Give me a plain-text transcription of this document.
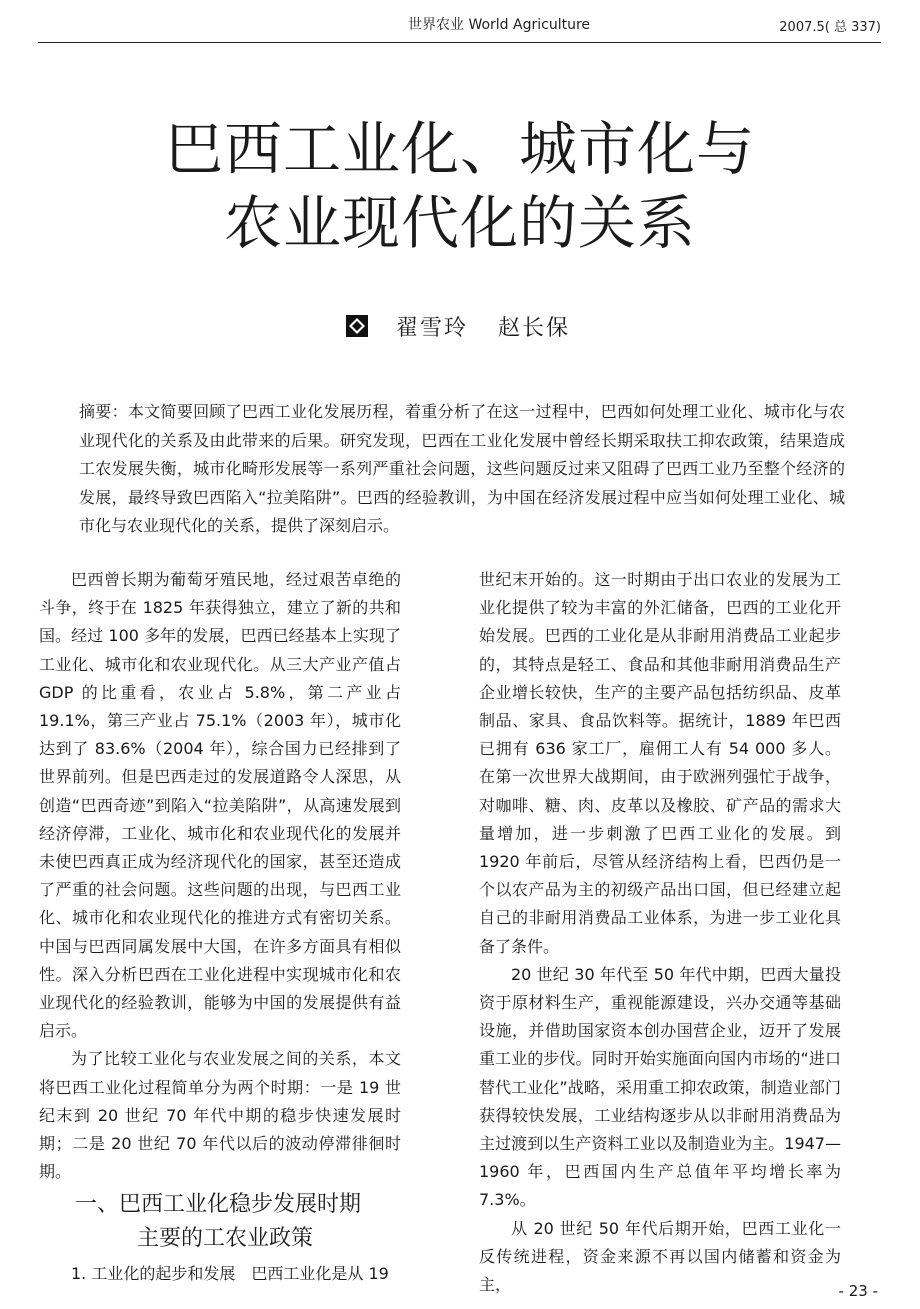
世界农业 World Agriculture	2007.5( 总 337)
巴西工业化、城市化与
农业现代化的关系
翟雪玲 赵长保
摘要：本文简要回顾了巴西工业化发展历程，着重分析了在这一过程中，巴西如何处理工业化、城市化与农业现代化的关系及由此带来的后果。研究发现，巴西在工业化发展中曾经长期采取扶工抑农政策，结果造成工农发展失衡，城市化畸形发展等一系列严重社会问题，这些问题反过来又阻碍了巴西工业乃至整个经济的发展，最终导致巴西陷入“拉美陷阱”。巴西的经验教训，为中国在经济发展过程中应当如何处理工业化、城市化与农业现代化的关系，提供了深刻启示。

巴西曾长期为葡萄牙殖民地，经过艰苦卓绝的斗争，终于在 1825 年获得独立，建立了新的共和国。经过 100 多年的发展，巴西已经基本上实现了工业化、城市化和农业现代化。从三大产业产值占 GDP 的比重看，农业占 5.8%，第二产业占 19.1%，第三产业占 75.1%（2003 年），城市化达到了 83.6%（2004 年），综合国力已经排到了世界前列。但是巴西走过的发展道路令人深思，从创造“巴西奇迹”到陷入“拉美陷阱”，从高速发展到经济停滞，工业化、城市化和农业现代化的发展并未使巴西真正成为经济现代化的国家，甚至还造成了严重的社会问题。这些问题的出现，与巴西工业化、城市化和农业现代化的推进方式有密切关系。中国与巴西同属发展中大国，在许多方面具有相似性。深入分析巴西在工业化进程中实现城市化和农业现代化的经验教训，能够为中国的发展提供有益启示。

为了比较工业化与农业发展之间的关系，本文将巴西工业化过程简单分为两个时期：一是 19 世纪末到 20 世纪 70 年代中期的稳步快速发展时期；二是 20 世纪 70 年代以后的波动停滞徘徊时期。

一、巴西工业化稳步发展时期
主要的工农业政策

1. 工业化的起步和发展　 巴西工业化是从 19

世纪末开始的。这一时期由于出口农业的发展为工业化提供了较为丰富的外汇储备，巴西的工业化开始发展。巴西的工业化是从非耐用消费品工业起步的，其特点是轻工、食品和其他非耐用消费品生产企业增长较快，生产的主要产品包括纺织品、皮革制品、家具、食品饮料等。据统计，1889 年巴西已拥有 636 家工厂，雇佣工人有 54 000 多人。在第一次世界大战期间，由于欧洲列强忙于战争，对咖啡、糖、肉、皮革以及橡胶、矿产品的需求大量增加，进一步刺激了巴西工业化的发展。到 1920 年前后，尽管从经济结构上看，巴西仍是一个以农产品为主的初级产品出口国，但已经建立起自己的非耐用消费品工业体系，为进一步工业化具备了条件。

20 世纪 30 年代至 50 年代中期，巴西大量投资于原材料生产，重视能源建设，兴办交通等基础设施，并借助国家资本创办国营企业，迈开了发展重工业的步伐。同时开始实施面向国内市场的“进口替代工业化”战略，采用重工抑农政策，制造业部门获得较快发展，工业结构逐步从以非耐用消费品为主过渡到以生产资料工业以及制造业为主。1947—1960 年，巴西国内生产总值年平均增长率为 7.3%。

从 20 世纪 50 年代后期开始，巴西工业化一反传统进程，资金来源不再以国内储蓄和资金为主，	- 23 -
